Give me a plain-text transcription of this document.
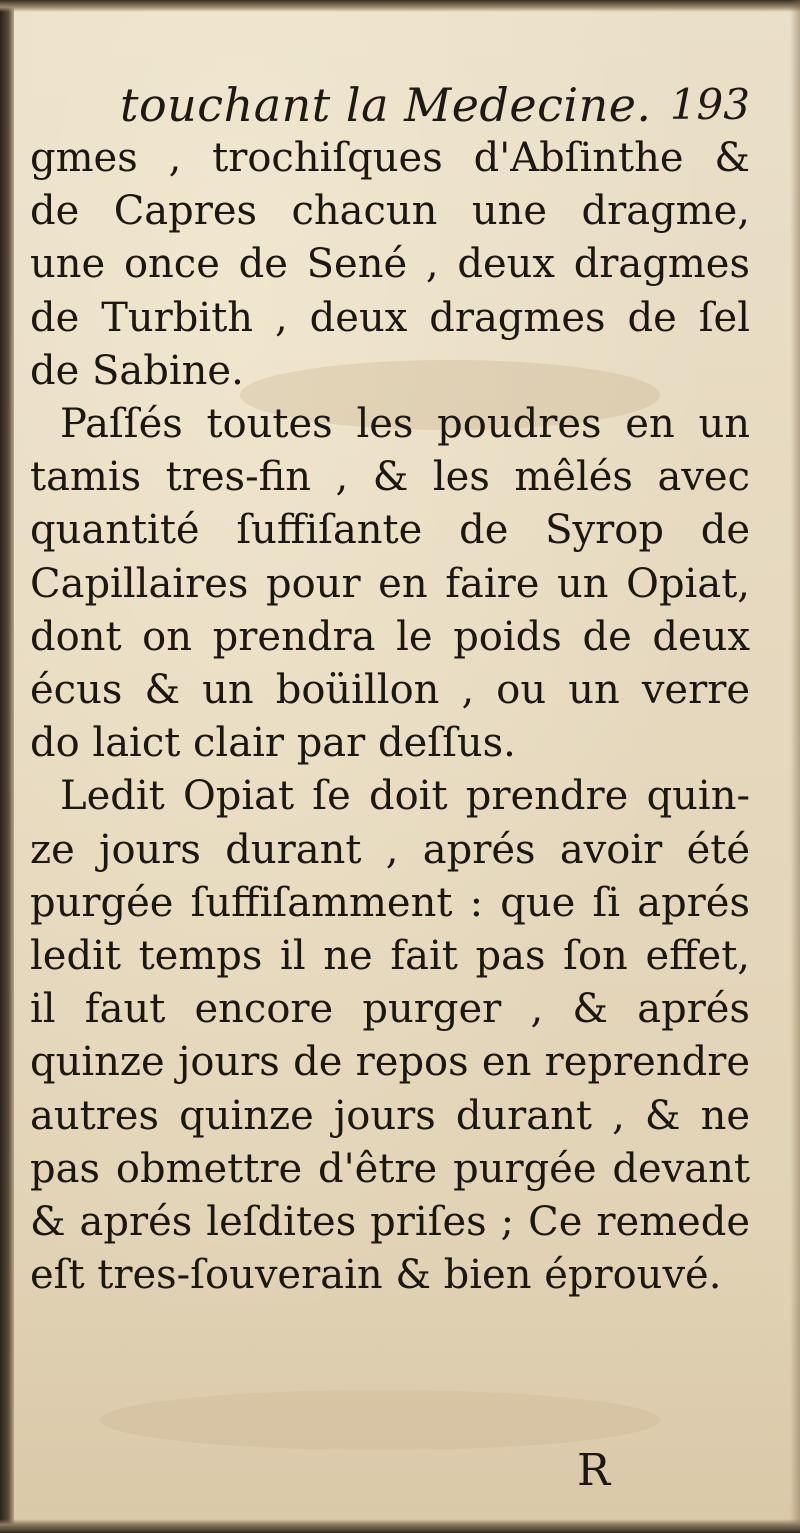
touchant la Medecine. 193
gmes , trochiſques d'Abſinthe &
de Capres chacun une dragme,
une once de Sené , deux dragmes
de Turbith , deux dragmes de ſel
de Sabine.
Paſſés toutes les poudres en un
tamis tres-fin , & les mêlés avec
quantité ſuffiſante de Syrop de
Capillaires pour en faire un Opiat,
dont on prendra le poids de deux
écus & un boüillon , ou un verre
do laict clair par deſſus.
Ledit Opiat ſe doit prendre quin-
ze jours durant , aprés avoir été
purgée ſuffiſamment : que ſi aprés
ledit temps il ne fait pas ſon effet,
il faut encore purger , & aprés
quinze jours de repos en reprendre
autres quinze jours durant , & ne
pas obmettre d'être purgée devant
& aprés leſdites priſes ; Ce remede
eſt tres-ſouverain & bien éprouvé.
R
